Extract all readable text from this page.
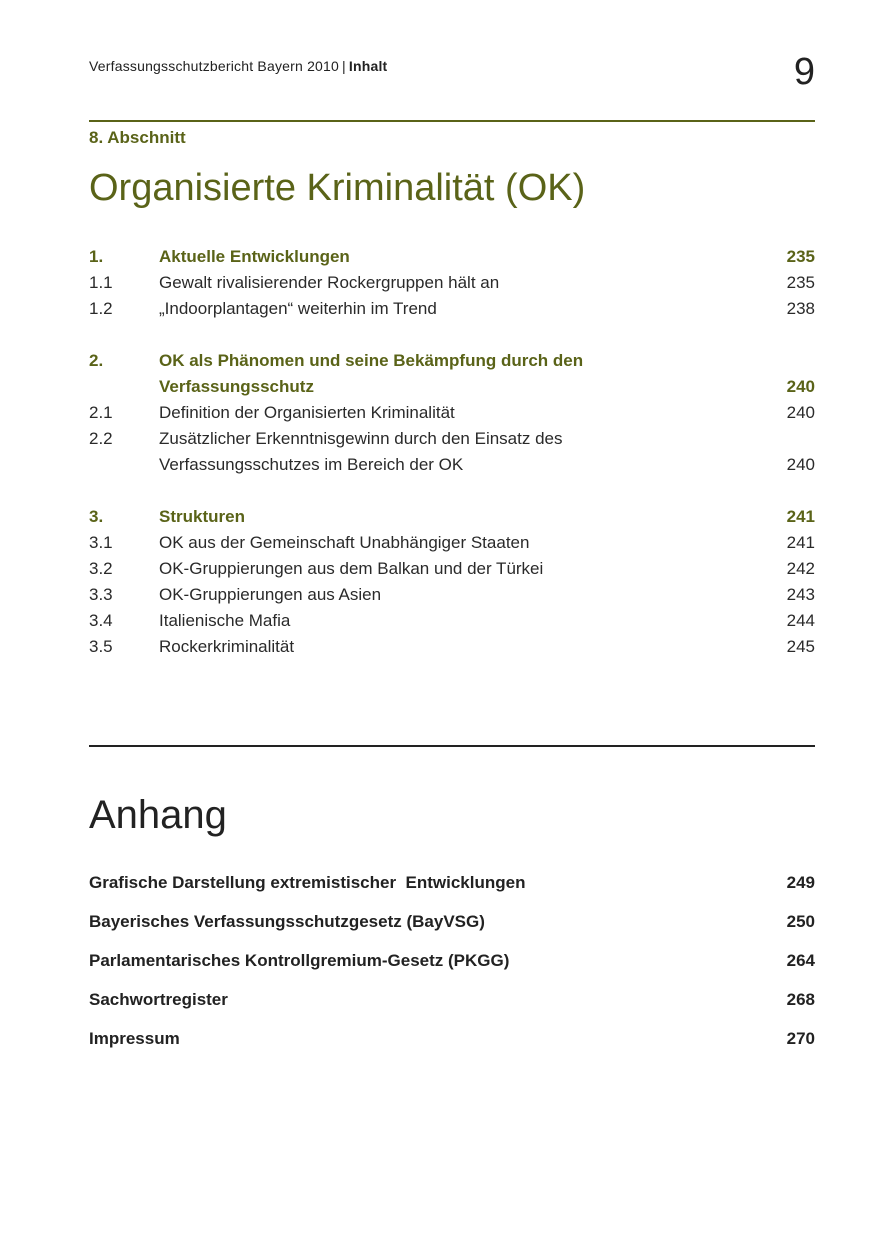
Verfassungsschutzbericht Bayern 2010 | Inhalt	9
8. Abschnitt
Organisierte Kriminalität (OK)
1.	Aktuelle Entwicklungen	235
1.1	Gewalt rivalisierender Rockergruppen hält an	235
1.2	„Indoorplantagen“ weiterhin im Trend	238
2.	OK als Phänomen und seine Bekämpfung durch den
Verfassungsschutz	240
2.1	Definition der Organisierten Kriminalität	240
2.2	Zusätzlicher Erkenntnisgewinn durch den Einsatz des
Verfassungsschutzes im Bereich der OK	240
3.	Strukturen	241
3.1	OK aus der Gemeinschaft Unabhängiger Staaten	241
3.2	OK-Gruppierungen aus dem Balkan und der Türkei	242
3.3	OK-Gruppierungen aus Asien	243
3.4	Italienische Mafia	244
3.5	Rockerkriminalität	245
Anhang
Grafische Darstellung extremistischer  Entwicklungen	249
Bayerisches Verfassungsschutzgesetz (BayVSG)	250
Parlamentarisches Kontrollgremium-Gesetz (PKGG)	264
Sachwortregister	268
Impressum	270
